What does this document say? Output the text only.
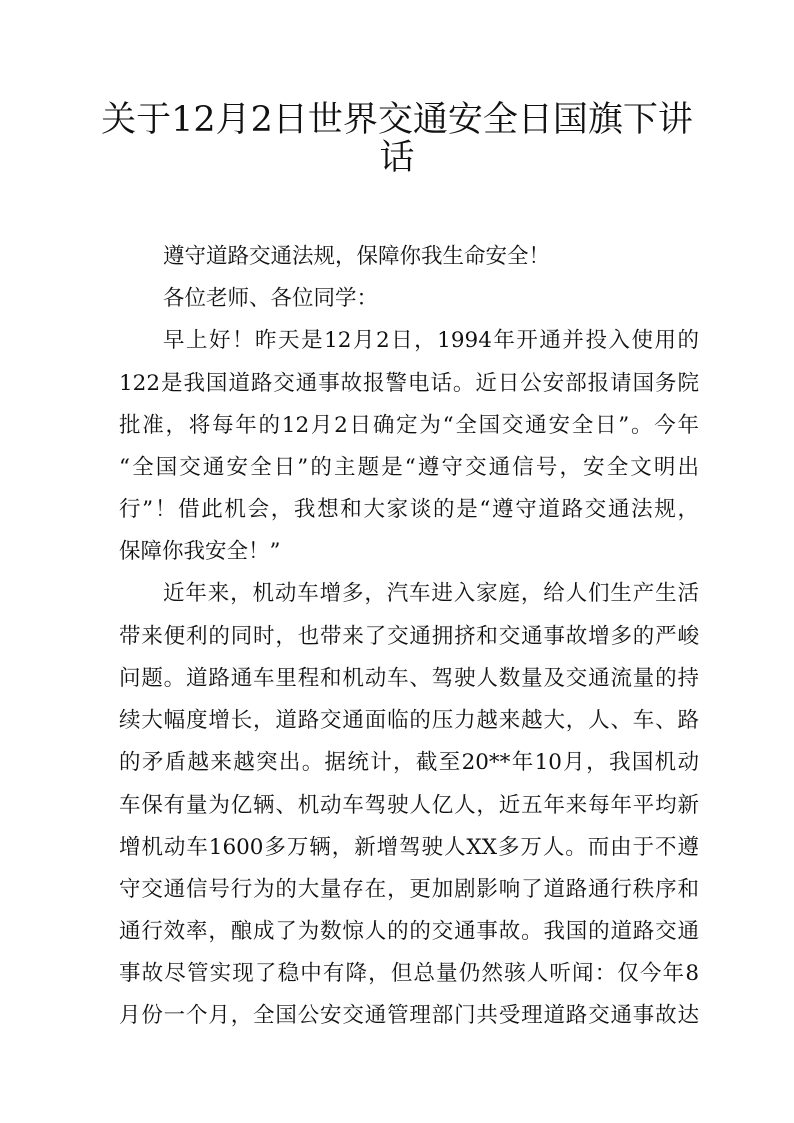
关于12月2日世界交通安全日国旗下讲
话
遵守道路交通法规，保障你我生命安全！
各位老师、各位同学：
早上好！昨天是12月2日，1994年开通并投入使用的
122是我国道路交通事故报警电话。近日公安部报请国务院
批准，将每年的12月2日确定为“全国交通安全日”。今年
“全国交通安全日”的主题是“遵守交通信号，安全文明出
行”！借此机会，我想和大家谈的是“遵守道路交通法规，
保障你我安全！”
近年来，机动车增多，汽车进入家庭，给人们生产生活
带来便利的同时，也带来了交通拥挤和交通事故增多的严峻
问题。道路通车里程和机动车、驾驶人数量及交通流量的持
续大幅度增长，道路交通面临的压力越来越大，人、车、路
的矛盾越来越突出。据统计，截至20**年10月，我国机动
车保有量为亿辆、机动车驾驶人亿人，近五年来每年平均新
增机动车1600多万辆，新增驾驶人XX多万人。而由于不遵
守交通信号行为的大量存在，更加剧影响了道路通行秩序和
通行效率，酿成了为数惊人的的交通事故。我国的道路交通
事故尽管实现了稳中有降，但总量仍然骇人听闻：仅今年8
月份一个月，全国公安交通管理部门共受理道路交通事故达
